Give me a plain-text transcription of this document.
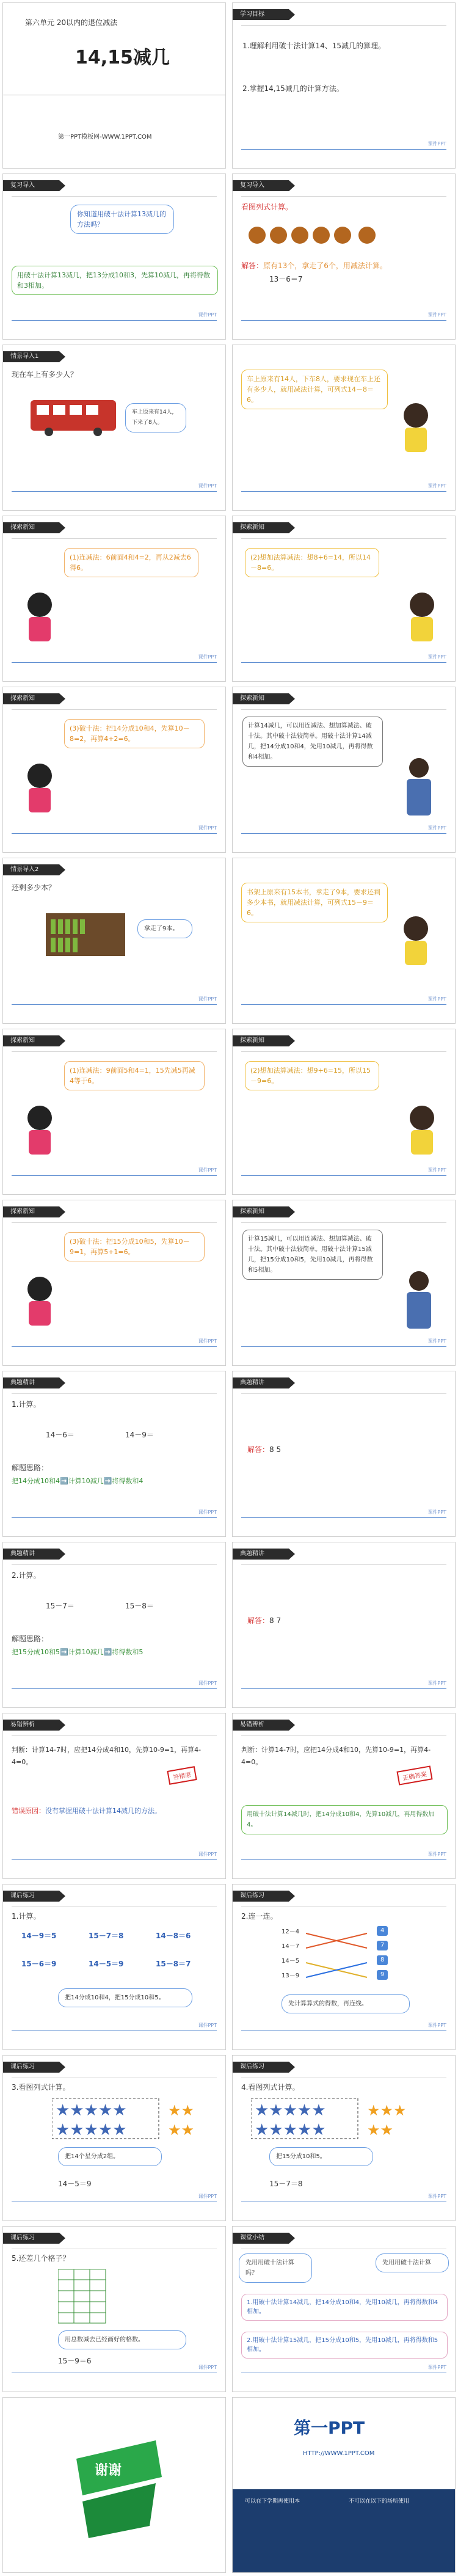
第六单元 20以内的退位减法
14,15减几
第一PPT模板网-WWW.1PPT.COM
学习目标
1.理解利用破十法计算14、15减几的算理。
2.掌握14,15减几的计算方法。
课件PPT
复习导入
你知道用破十法计算13减几的方法吗？
用破十法计算13减几，把13分成10和3，先算10减几，再将得数和3相加。
课件PPT
复习导入
看图列式计算。
解答：原有13个，拿走了6个，用减法计算。
13－6＝7
课件PPT
情景导入1
现在车上有多少人？
车上原来有14人，下来了8人。
课件PPT
车上原来有14人，下车8人，要求现在车上还有多少人，就用减法计算，可列式14－8＝6。
课件PPT
探索新知
(1)连减法：6前面4和4=2，再从2减去6得6。
课件PPT
探索新知
(2)想加法算减法：想8+6=14，所以14－8=6。
课件PPT
探索新知
(3)破十法：把14分成10和4，先算10－8=2，再算4+2=6。
课件PPT
探索新知
计算14减几，可以用连减法、想加算减法、破十法。其中破十法较简单。用破十法计算14减几，把14分成10和4，先用10减几，再将得数和4相加。
课件PPT
情景导入2
还剩多少本？
拿走了9本。
课件PPT
书架上原来有15本书，拿走了9本，要求还剩多少本书，就用减法计算，可列式15－9＝6。
课件PPT
探索新知
(1)连减法：9前面5和4=1，15先减5再减4等于6。
课件PPT
探索新知
(2)想加法算减法：想9+6=15，所以15－9=6。
课件PPT
探索新知
(3)破十法：把15分成10和5，先算10－9=1，再算5+1=6。
课件PPT
探索新知
计算15减几，可以用连减法、想加算减法、破十法。其中破十法较简单。用破十法计算15减几，把15分成10和5，先用10减几，再将得数和5相加。
课件PPT
典题精讲
1.计算。
14－6＝	14－9＝
解题思路：
把14分成10和4➡️计算10减几➡️将得数和4
课件PPT
典题精讲
解答：8 5
课件PPT
典题精讲
2.计算。
15－7＝	15－8＝
解题思路：
把15分成10和5➡️计算10减几➡️将得数和5
课件PPT
典题精讲
解答：8 7
课件PPT
易错辨析
判断：计算14-7时，应把14分成4和10，先算10-9=1，再算4-4=0。
答错原
错误原因：没有掌握用破十法计算14减几的方法。
课件PPT
易错辨析
判断：计算14-7时，应把14分成4和10，先算10-9=1，再算4-4=0。
正确答案
用破十法计算14减几时，把14分成10和4，先算10减几，再用得数加4。
课件PPT
课后练习
1.计算。
14－9＝5	15－7＝8	14－8＝6
15－6＝9	14－5＝9	15－8＝7
把14分成10和4，把15分成10和5。
课件PPT
课后练习
2.连一连。
12－4
14－7
14－5
13－9
4
7
8
9
先计算算式的得数，再连线。
课件PPT
课后练习
3.看图列式计算。
★★★★★
★★★★★
★★
★★
把14个星分成2组。
14－5＝9
课件PPT
课后练习
4.看图列式计算。
★★★★★
★★★★★
★★★
★★
把15分成10和5。
15－7＝8
课件PPT
课后练习
5.还差几个格子？
用总数减去已经画好的格数。
15－9＝6
课件PPT
课堂小结
先用用破十法计算吗？
先用用破十法计算
1.用破十法计算14减几，把14分成10和4，先用10减几，再将得数和4相加。
2.用破十法计算15减几，把15分成10和5，先用10减几，再将得数和5相加。
课件PPT
谢谢
第一PPT
HTTP://WWW.1PPT.COM
可以在下学期再使用本	不可以在以下的场所使用
